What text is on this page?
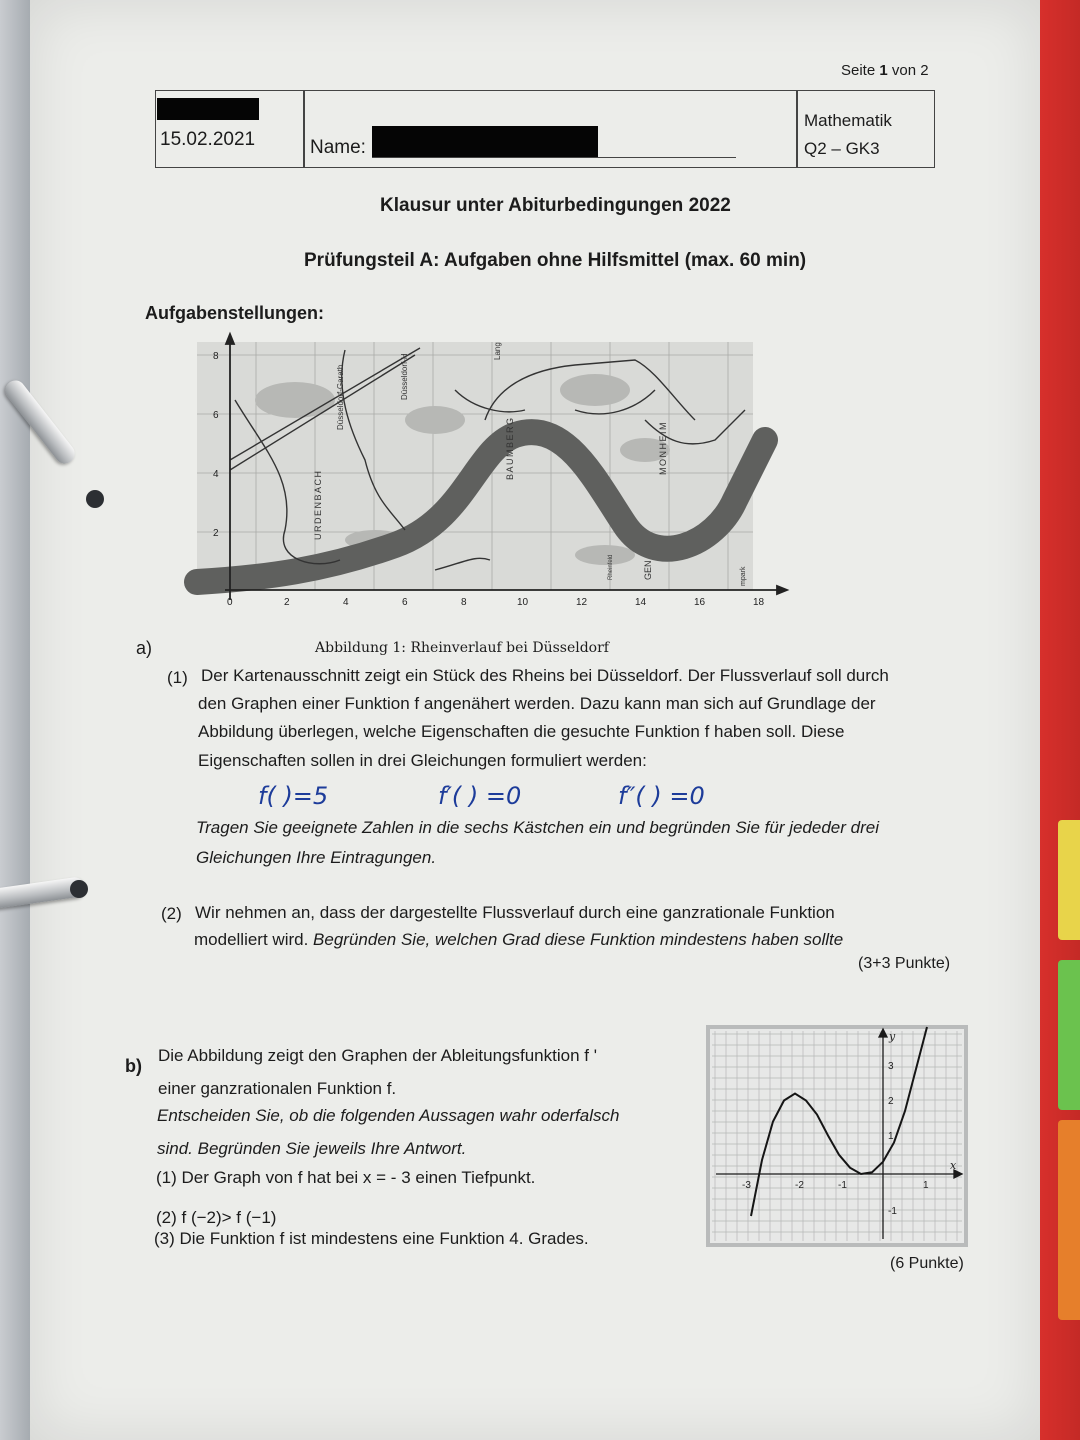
Seite 1 von 2
15.02.2021	Name:
Mathematik
Q2 – GK3
Klausur unter Abiturbedingungen 2022
Prüfungsteil A: Aufgaben ohne Hilfsmittel (max. 60 min)
Aufgabenstellungen:
0	2	4	6	8	10	12	14	16	18
2
4
6
8
URDENBACH
BAUMBERG	MONHEIM
Düsseldorf-Garath	Düsseldorf-H
Lang
Rheinfeld	GEN	mpark
a)	Abbildung 1: Rheinverlauf bei Düsseldorf
(1) Der Kartenausschnitt zeigt ein Stück des Rheins bei Düsseldorf. Der Flussverlauf soll durch
den Graphen einer Funktion f angenähert werden. Dazu kann man sich auf Grundlage der
Abbildung überlegen, welche Eigenschaften die gesuchte Funktion f haben soll. Diese
Eigenschaften sollen in drei Gleichungen formuliert werden:
f( )=5	f′( ) =0	f″( ) =0
Tragen Sie geeignete Zahlen in die sechs Kästchen ein und begründen Sie für jededer drei
Gleichungen Ihre Eintragungen.
(2) Wir nehmen an, dass der dargestellte Flussverlauf durch eine ganzrationale Funktion
modelliert wird. Begründen Sie, welchen Grad diese Funktion mindestens haben sollte
(3+3 Punkte)
b)
Die Abbildung zeigt den Graphen der Ableitungsfunktion f '
einer ganzrationalen Funktion f.
Entscheiden Sie, ob die folgenden Aussagen wahr oderfalsch
sind. Begründen Sie jeweils Ihre Antwort.
(1) Der Graph von f hat bei x = - 3 einen Tiefpunkt.
(2) f (−2)> f (−1)
(3) Die Funktion f ist mindestens eine Funktion 4. Grades.
(6 Punkte)
x
y
-3	-2	-1	1
3
2
1
-1
